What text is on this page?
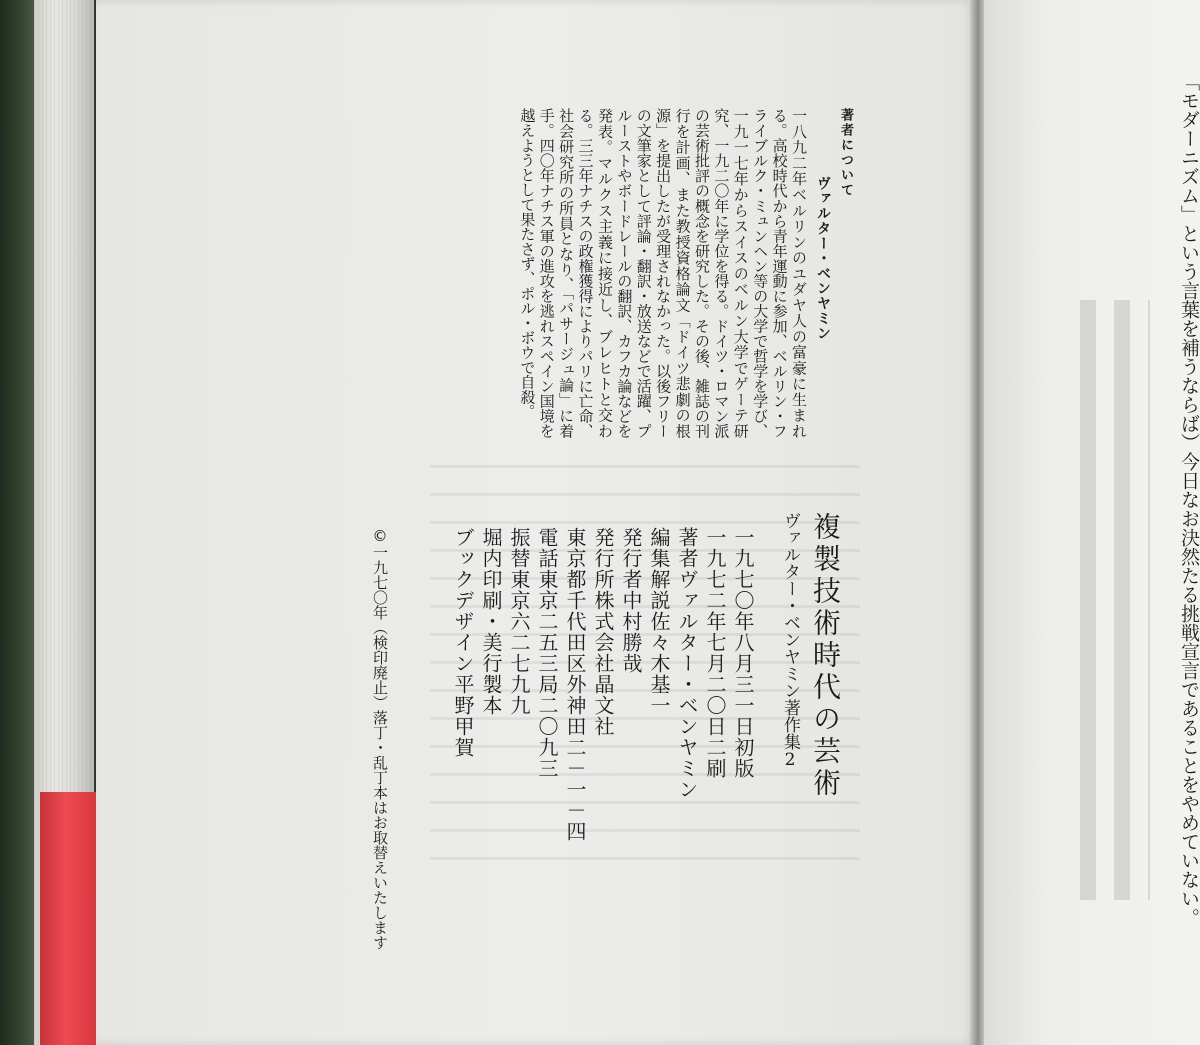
著者について
ヴァルター・ベンヤミン
一八九二年ベルリンのユダヤ人の富豪に生まれる。高校時代から青年運動に参加、ベルリン・フライブルク・ミュンヘン等の大学で哲学を学び、一九一七年からスイスのベルン大学でゲーテ研究、一九二〇年に学位を得る。ドイツ・ロマン派の芸術批評の概念を研究した。その後、雑誌の刊行を計画、また教授資格論文「ドイツ悲劇の根源」を提出したが受理されなかった。以後フリーの文筆家として評論・翻訳・放送などで活躍、プルーストやボードレールの翻訳、カフカ論などを発表。マルクス主義に接近し、ブレヒトと交わる。三三年ナチスの政権獲得によりパリに亡命、社会研究所の所員となり、「パサージュ論」に着手。四〇年ナチス軍の進攻を逃れスペイン国境を越えようとして果たさず、ポル・ボウで自殺。
複製技術時代の芸術
ヴァルター・ベンヤミン著作集2
一九七〇年八月三一日初版
一九七二年七月二〇日二刷
著者ヴァルター・ベンヤミン
編集解説佐々木基一
発行者中村勝哉
発行所株式会社晶文社
東京都千代田区外神田二－一－四
電話東京二五三局二〇九三
振替東京六二七九九
堀内印刷・美行製本
ブックデザイン平野甲賀
©一九七〇年（検印廃止）落丁・乱丁本はお取替えいたします	「モダーニズム」という言葉を補うならば）今日なお決然たる挑戦宣言であることをやめていない。
